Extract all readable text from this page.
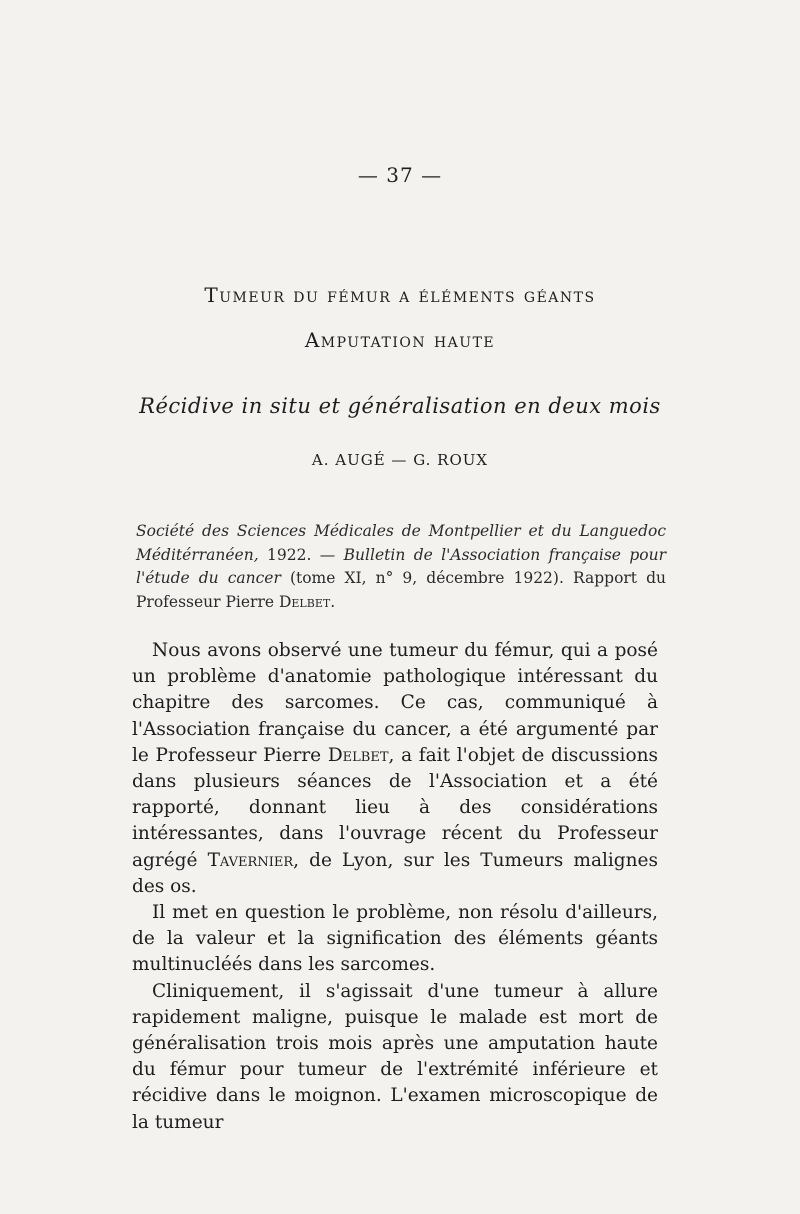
— 37 —
Tumeur du fémur a éléments géants
Amputation haute
Récidive in situ et généralisation en deux mois
A. AUGÉ — G. ROUX
Société des Sciences Médicales de Montpellier et du Languedoc Méditérranéen, 1922. — Bulletin de l'Association française pour l'étude du cancer (tome XI, n° 9, décembre 1922). Rapport du Professeur Pierre Delbet.

Nous avons observé une tumeur du fémur, qui a posé un problème d'anatomie pathologique intéressant du chapitre des sarcomes. Ce cas, communiqué à l'Association française du cancer, a été argumenté par le Professeur Pierre Delbet, a fait l'objet de discussions dans plusieurs séances de l'Association et a été rapporté, donnant lieu à des considérations intéressantes, dans l'ouvrage récent du Professeur agrégé Tavernier, de Lyon, sur les Tumeurs malignes des os.

Il met en question le problème, non résolu d'ailleurs, de la valeur et la signification des éléments géants multinucléés dans les sarcomes.

Cliniquement, il s'agissait d'une tumeur à allure rapidement maligne, puisque le malade est mort de généralisation trois mois après une amputation haute du fémur pour tumeur de l'extrémité inférieure et récidive dans le moignon. L'examen microscopique de la tumeur
